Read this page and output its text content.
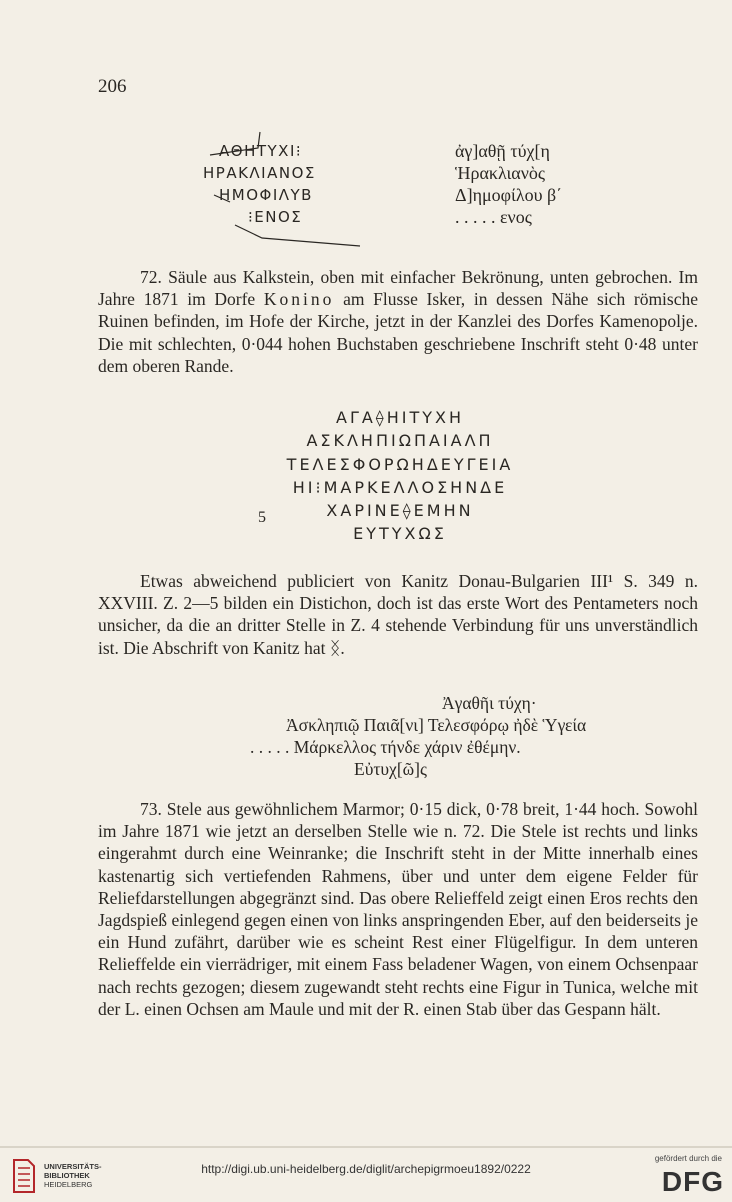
206
ΑΘΗΤΥΧΙ⁝
ΗΡΑΚΛΙΑΝΟΣ
ΗΜΟΦΙΛΥΒ
⁝ΕΝΟΣ
ἀγ]αθῇ τύχ[η
Ἡρακλιανὸς
Δ]ημοφίλου β΄
. . . . . ενος

72. Säule aus Kalkstein, oben mit einfacher Bekrönung, unten gebrochen. Im Jahre 1871 im Dorfe Konino am Flusse Isker, in dessen Nähe sich römische Ruinen befinden, im Hofe der Kirche, jetzt in der Kanzlei des Dorfes Kamenopolje. Die mit schlechten, 0·044 hohen Buchstaben geschriebene Inschrift steht 0·48 unter dem oberen Rande.

ΑΓΑ⟠ΗΙΤΥΧΗ
ΑΣΚΛΗΠΙΩΠΑΙΑΛΠ
ΤΕΛΕΣΦΟΡΩΗΔΕΥΓΕΙΑ
ΗΙ⁝ΜΑΡΚΕΛΛΟΣΗΝΔΕ
ΧΑΡΙΝΕ⟠ΕΜΗΝ
ΕΥΤΥΧΩΣ
5

Etwas abweichend publiciert von Kanitz Donau-Bulgarien III¹ S. 349 n. XXVIII. Z. 2—5 bilden ein Distichon, doch ist das erste Wort des Pentameters noch unsicher, da die an dritter Stelle in Z. 4 stehende Verbindung für uns unverständlich ist. Die Abschrift von Kanitz hat ᛝ.

Ἀγαθῆι τύχη·
Ἀσκληπιῷ Παιᾶ[νι] Τελεσφόρῳ ἠδὲ Ὑγεία
. . . . . Μάρκελλος τήνδε χάριν ἐθέμην.
Εὐτυχ[ῶ]ς

73. Stele aus gewöhnlichem Marmor; 0·15 dick, 0·78 breit, 1·44 hoch. Sowohl im Jahre 1871 wie jetzt an derselben Stelle wie n. 72. Die Stele ist rechts und links eingerahmt durch eine Weinranke; die Inschrift steht in der Mitte innerhalb eines kastenartig sich vertiefenden Rahmens, über und unter dem eigene Felder für Reliefdarstellungen abgegränzt sind. Das obere Relieffeld zeigt einen Eros rechts den Jagdspieß einlegend gegen einen von links anspringenden Eber, auf den beiderseits je ein Hund zufährt, darüber wie es scheint Rest einer Flügelfigur. In dem unteren Relieffelde ein vierrädriger, mit einem Fass beladener Wagen, von einem Ochsenpaar nach rechts gezogen; diesem zugewandt steht rechts eine Figur in Tunica, welche mit der L. einen Ochsen am Maule und mit der R. einen Stab über das Gespann hält.

UNIVERSITÄTS-
BIBLIOTHEK
HEIDELBERG
http://digi.ub.uni-heidelberg.de/diglit/archepigrmoeu1892/0222
gefördert durch die
DFG
